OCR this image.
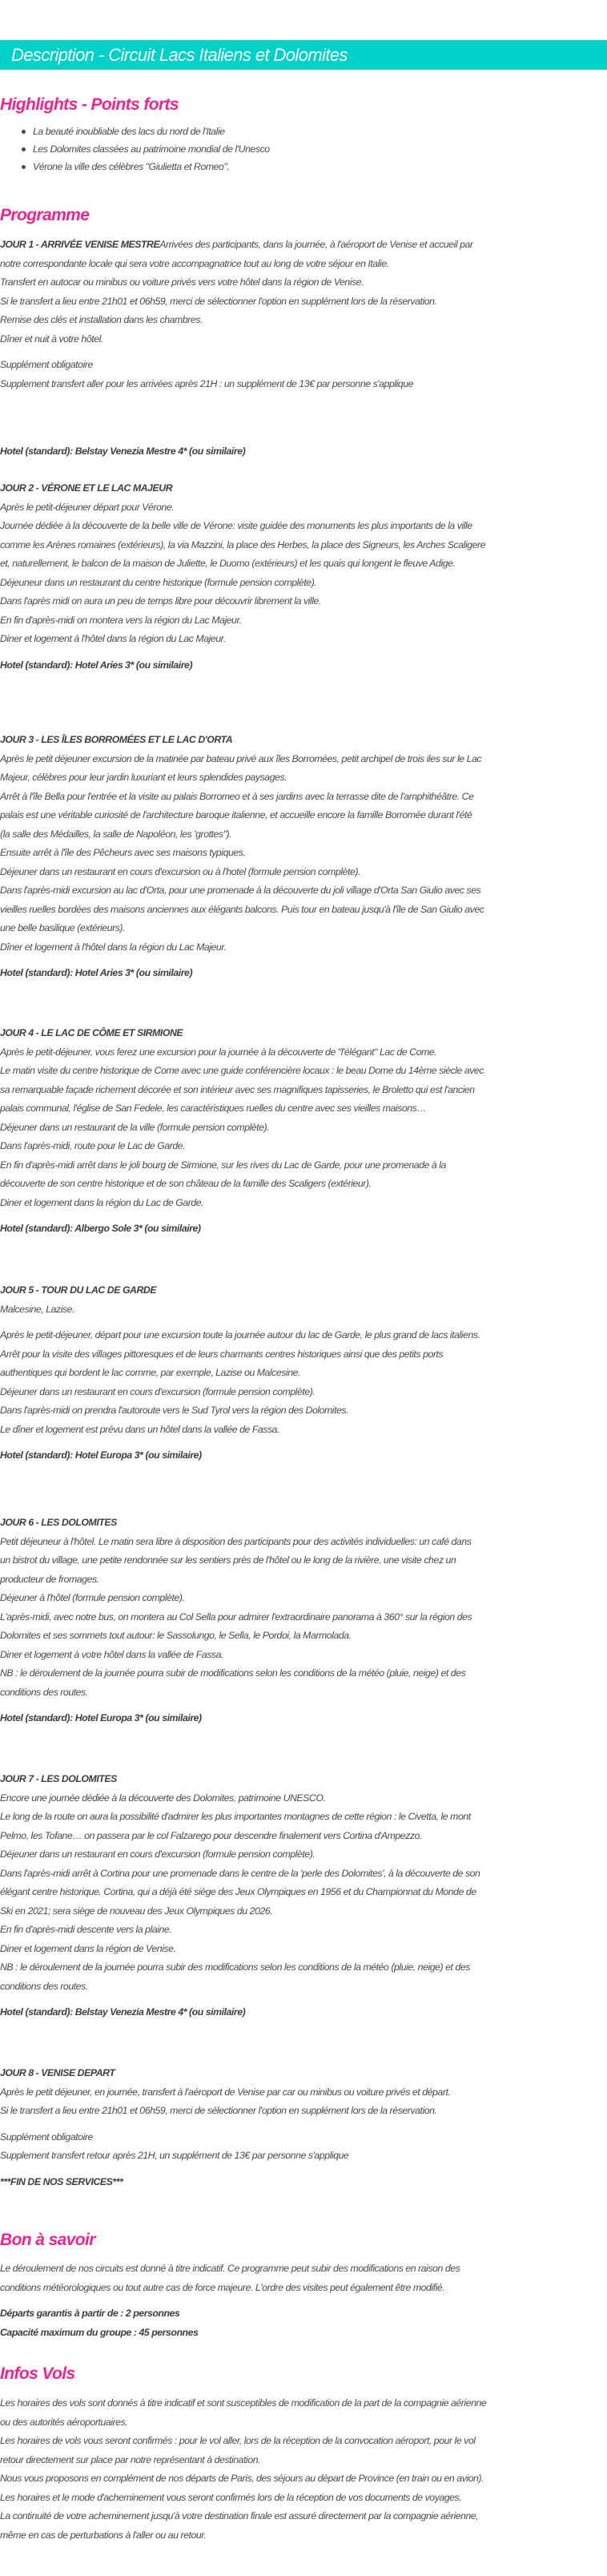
Description - Circuit Lacs Italiens et Dolomites
Highlights - Points forts
La beauté inoubliable des lacs du nord de l'Italie
Les Dolomites classées au patrimoine mondial de l'Unesco
Vérone la ville des célèbres "Giulietta et Romeo".
Programme

JOUR 1 - ARRIVÉE VENISE MESTREArrivées des participants, dans la journée, à l'aéroport de Venise et accueil par

notre correspondante locale qui sera votre accompagnatrice tout au long de votre séjour en Italie.

Transfert en autocar ou minibus ou voiture privés vers votre hôtel dans la région de Venise.

Si le transfert a lieu entre 21h01 et 06h59, merci de sélectionner l'option en supplément lors de la réservation.

Remise des clés et installation dans les chambres.

Dîner et nuit à votre hôtel.

Supplément obligatoire

Supplement transfert aller pour les arrivées après 21H : un supplément de 13€ par personne s'applique

Hotel (standard): Belstay Venezia Mestre 4* (ou similaire)

JOUR 2 - VÉRONE ET LE LAC MAJEUR

Après le petit-déjeuner départ pour Vérone.

Journée dédiée à la découverte de la belle ville de Vérone: visite guidée des monuments les plus importants de la ville

comme les Arènes romaines (extérieurs), la via Mazzini, la place des Herbes, la place des Signeurs, les Arches Scaligere

et, naturellement, le balcon de la maison de Juliette, le Duomo (extérieurs) et les quais qui longent le fleuve Adige.

Déjeuneur dans un restaurant du centre historique (formule pension complète).

Dans l'après midi on aura un peu de temps libre pour découvrir librement la ville.

En fin d'après-midi on montera vers la région du Lac Majeur.

Diner et logement à l'hôtel dans la région du Lac Majeur.

Hotel (standard): Hotel Aries 3* (ou similaire)

JOUR 3 - LES ÎLES BORROMÉES ET LE LAC D'ORTA

Après le petit déjeuner excursion de la matinée par bateau privé aux îles Borromées, petit archipel de trois iles sur le Lac

Majeur, célèbres pour leur jardin luxuriant et leurs splendides paysages.

Arrêt à l'île Bella pour l'entrée et la visite au palais Borromeo et à ses jardins avec la terrasse dite de l'amphithéâtre. Ce

palais est une véritable curiosité de l'architecture baroque italienne, et accueille encore la famille Borromée durant l'été

(la salle des Médailles, la salle de Napoléon, les 'grottes").

Ensuite arrêt à l'île des Pêcheurs avec ses maisons typiques.

Déjeuner dans un restaurant en cours d'excursion ou à l'hotel (formule pension complète).

Dans l'après-midi excursion au lac d'Orta, pour une promenade à la découverte du joli village d'Orta San Giulio avec ses

vieilles ruelles bordées des maisons anciennes aux élégants balcons. Puis tour en bateau jusqu'à l'île de San Giulio avec

une belle basilique (extérieurs).

Dîner et logement à l'hôtel dans la région du Lac Majeur.

Hotel (standard): Hotel Aries 3* (ou similaire)

JOUR 4 - LE LAC DE CÔME ET SIRMIONE

Après le petit-déjeuner, vous ferez une excursion pour la journée à la découverte de "l'élégant" Lac de Come.

Le matin visite du centre historique de Come avec une guide conférencière locaux : le beau Dome du 14ème siècle avec

sa remarquable façade richement décorée et son intérieur avec ses magnifiques tapisseries, le Broletto qui est l'ancien

palais communal, l'église de San Fedele, les caractéristiques ruelles du centre avec ses vieilles maisons…

Déjeuner dans un restaurant de la ville (formule pension complète).

Dans l'après-midi, route pour le Lac de Garde.

En fin d'après-midi arrêt dans le joli bourg de Sirmione, sur les rives du Lac de Garde, pour une promenade à la

découverte de son centre historique et de son château de la famille des Scaligers (extérieur).

Diner et logement dans la région du Lac de Garde.

Hotel (standard): Albergo Sole 3* (ou similaire)

JOUR 5 - TOUR DU LAC DE GARDE

Malcesine, Lazise.

Après le petit-déjeuner, départ pour une excursion toute la journée autour du lac de Garde, le plus grand de lacs italiens.

Arrêt pour la visite des villages pittoresques et de leurs charmants centres historiques ainsi que des petits ports

authentiques qui bordent le lac comme, par exemple, Lazise ou Malcesine.

Déjeuner dans un restaurant en cours d'excursion (formule pension complète).

Dans l'après-midi on prendra l'autoroute vers le Sud Tyrol vers la région des Dolomites.

Le dîner et logement est prévu dans un hôtel dans la vallée de Fassa.

Hotel (standard): Hotel Europa 3* (ou similaire)

JOUR 6 - LES DOLOMITES

Petit déjeuneur à l'hôtel. Le matin sera libre à disposition des participants pour des activités individuelles: un café dans

un bistrot du village, une petite rendonnée sur les sentiers près de l'hôtel ou le long de la rivière, une visite chez un

producteur de fromages.

Déjeuner à l'hôtel (formule pension complète).

L'après-midi, avec notre bus, on montera au Col Sella pour admirer l'extraordinaire panorama à 360° sur la région des

Dolomites et ses sommets tout autour: le Sassolungo, le Sella, le Pordoi, la Marmolada.

Diner et logement à votre hôtel dans la vallée de Fassa.

NB : le déroulement de la journée pourra subir de modifications selon les conditions de la météo (pluie, neige) et des

conditions des routes.

Hotel (standard): Hotel Europa 3* (ou similaire)

JOUR 7 - LES DOLOMITES

Encore une journée dédiée à la découverte des Dolomites, patrimoine UNESCO.

Le long de la route on aura la possibilité d'admirer les plus importantes montagnes de cette région : le Civetta, le mont

Pelmo, les Tofane… on passera par le col Falzarego pour descendre finalement vers Cortina d'Ampezzo.

Déjeuner dans un restaurant en cours d'excursion (formule pension complète).

Dans l'après-midi arrêt à Cortina pour une promenade dans le centre de la 'perle des Dolomites', à la découverte de son

élégant centre historique. Cortina, qui a déjà été siège des Jeux Olympiques en 1956 et du Championnat du Monde de

Ski en 2021; sera siège de nouveau des Jeux Olympiques du 2026.

En fin d'après-midi descente vers la plaine.

Diner et logement dans la région de Venise.

NB : le déroulement de la journée pourra subir des modifications selon les conditions de la météo (pluie, neige) et des

conditions des routes.

Hotel (standard): Belstay Venezia Mestre 4* (ou similaire)

JOUR 8 - VENISE DEPART

Après le petit déjeuner, en journée, transfert à l'aéroport de Venise par car ou minibus ou voiture privés et départ.

Si le transfert a lieu entre 21h01 et 06h59, merci de sélectionner l'option en supplément lors de la réservation.

Supplément obligatoire

Supplement transfert retour après 21H, un supplément de 13€ par personne s'applique

***FIN DE NOS SERVICES***

Bon à savoir

Le déroulement de nos circuits est donné à titre indicatif. Ce programme peut subir des modifications en raison des

conditions météorologiques ou tout autre cas de force majeure. L'ordre des visites peut également être modifié.

Départs garantis à partir de : 2 personnes

Capacité maximum du groupe : 45 personnes

Infos Vols

Les horaires des vols sont donnés à titre indicatif et sont susceptibles de modification de la part de la compagnie aérienne

ou des autorités aéroportuaires.

Les horaires de vols vous seront confirmés : pour le vol aller, lors de la réception de la convocation aéroport, pour le vol

retour directement sur place par notre représentant à destination.

Nous vous proposons en complément de nos départs de Paris, des séjours au départ de Province (en train ou en avion).

Les horaires et le mode d'acheminement vous seront confirmés lors de la réception de vos documents de voyages.

La continuité de votre acheminement jusqu'à votre destination finale est assuré directement par la compagnie aérienne,

même en cas de perturbations à l'aller ou au retour.
